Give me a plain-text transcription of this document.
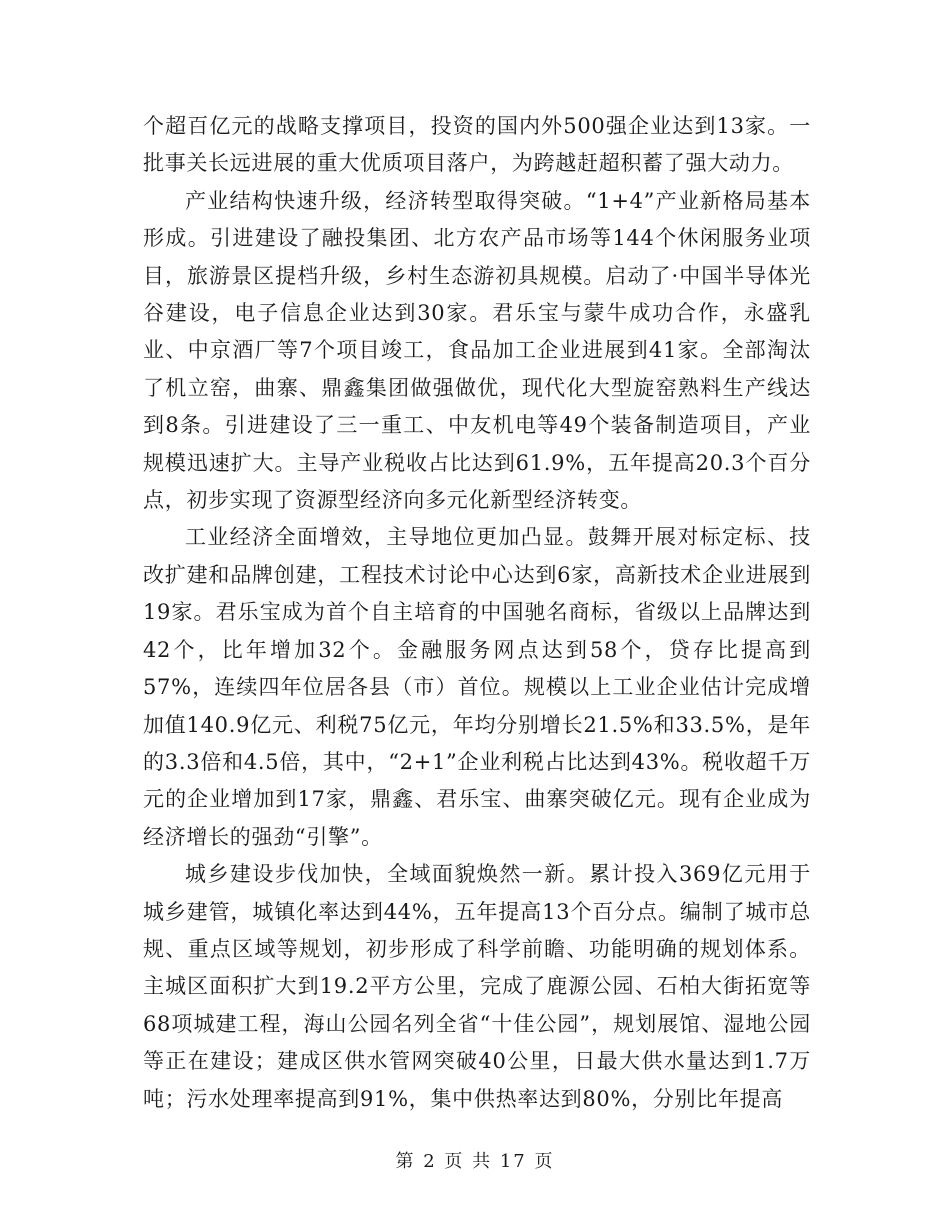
个超百亿元的战略支撑项目，投资的国内外500强企业达到13家。一批事关长远进展的重大优质项目落户，为跨越赶超积蓄了强大动力。

产业结构快速升级，经济转型取得突破。“1+4”产业新格局基本形成。引进建设了融投集团、北方农产品市场等144个休闲服务业项目，旅游景区提档升级，乡村生态游初具规模。启动了·中国半导体光谷建设，电子信息企业达到30家。君乐宝与蒙牛成功合作，永盛乳业、中京酒厂等7个项目竣工，食品加工企业进展到41家。全部淘汰了机立窑，曲寨、鼎鑫集团做强做优，现代化大型旋窑熟料生产线达到8条。引进建设了三一重工、中友机电等49个装备制造项目，产业规模迅速扩大。主导产业税收占比达到61.9%，五年提高20.3个百分点，初步实现了资源型经济向多元化新型经济转变。

工业经济全面增效，主导地位更加凸显。鼓舞开展对标定标、技改扩建和品牌创建，工程技术讨论中心达到6家，高新技术企业进展到19家。君乐宝成为首个自主培育的中国驰名商标，省级以上品牌达到42个，比年增加32个。金融服务网点达到58个，贷存比提高到57%，连续四年位居各县（市）首位。规模以上工业企业估计完成增加值140.9亿元、利税75亿元，年均分别增长21.5%和33.5%，是年的3.3倍和4.5倍，其中，“2+1”企业利税占比达到43%。税收超千万元的企业增加到17家，鼎鑫、君乐宝、曲寨突破亿元。现有企业成为经济增长的强劲“引擎”。

城乡建设步伐加快，全域面貌焕然一新。累计投入369亿元用于城乡建管，城镇化率达到44%，五年提高13个百分点。编制了城市总规、重点区域等规划，初步形成了科学前瞻、功能明确的规划体系。主城区面积扩大到19.2平方公里，完成了鹿源公园、石柏大街拓宽等68项城建工程，海山公园名列全省“十佳公园”，规划展馆、湿地公园等正在建设；建成区供水管网突破40公里，日最大供水量达到1.7万吨；污水处理率提高到91%，集中供热率达到80%，分别比年提高

第 2 页 共 17 页
